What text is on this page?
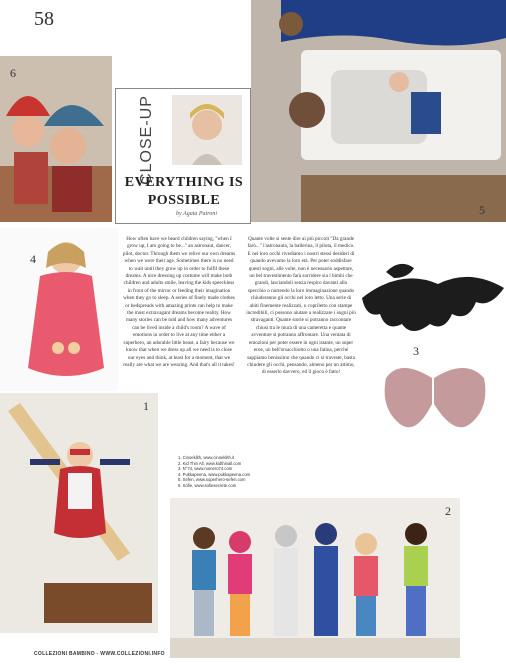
58
6
CLOSE-UP
EVERYTHING IS
POSSIBLE
by Agata Patroni	5
4
3
How often have we heard children saying, "when I grow up, I am going to be..." an astronaut, dancer, pilot, doctor. Through them we relive our own dreams when we were their age. Sometimes there is no need to wait until they grow up in order to fulfil these dreams. A nice dressing up costume will make both children and adults smile, leaving the kids speechless in front of the mirror or feeding their imagination when they go to sleep. A series of finely made clothes or bedspreads with amazing prints can help to make the most extravagant dreams become reality. How many stories can be told and how many adventures can be lived inside a child's room? A wave of emotions in order to live at any time either a superhero, an adorable little beast, a fairy because we know that when we dress up all we need is to close our eyes and think, at least for a moment, that we really are what we are wearing. And that's all it takes!
Quante volte si sente dire ai più piccoli "Da grande farò..." l'astronauta, la ballerina, il pilota, il medico. E nei loro occhi rivediamo i nostri stessi desideri di quando avevamo la loro età. Per poter soddisfare questi sogni, alle volte, non è necessario aspettare, un bel travestimento farà sorridere sia i bimbi che grandi, lasciandoli senza respiro davanti allo specchio o nutrendo la loro immaginazione quando chiuderanno gli occhi nel loro letto. Una serie di abiti finemente realizzati, o copriletto con stampe incredibili, ci possono aiutare a realizzare i sogni più stravaganti. Quante storie si potranno raccontare chiusi tra le mura di una cameretta e quante avventure si potranno affrontare. Una ventata di emozioni per poter essere in ogni istante, un super eroe, un bell'orsacchiotto o una fatina, perché sappiamo benissimo che quando ci si traveste, basta chiudere gli occhi, pensando, almeno per un attimo, di esserlo davvero, ed il gioco è fatto!
1
1. Cinoeklith, www.cinoeklith.it
2. Kid Thin All, www.kidthinall.com
3. N°74, www.numero74.com
4. Pukkapeena, www.pukkapeena.com
5. Sefen, www.superhero-sefen.com
6. Sofie, www.sofiesecrete.com
2
COLLEZIONI BAMBINO - WWW.COLLEZIONI.INFO
